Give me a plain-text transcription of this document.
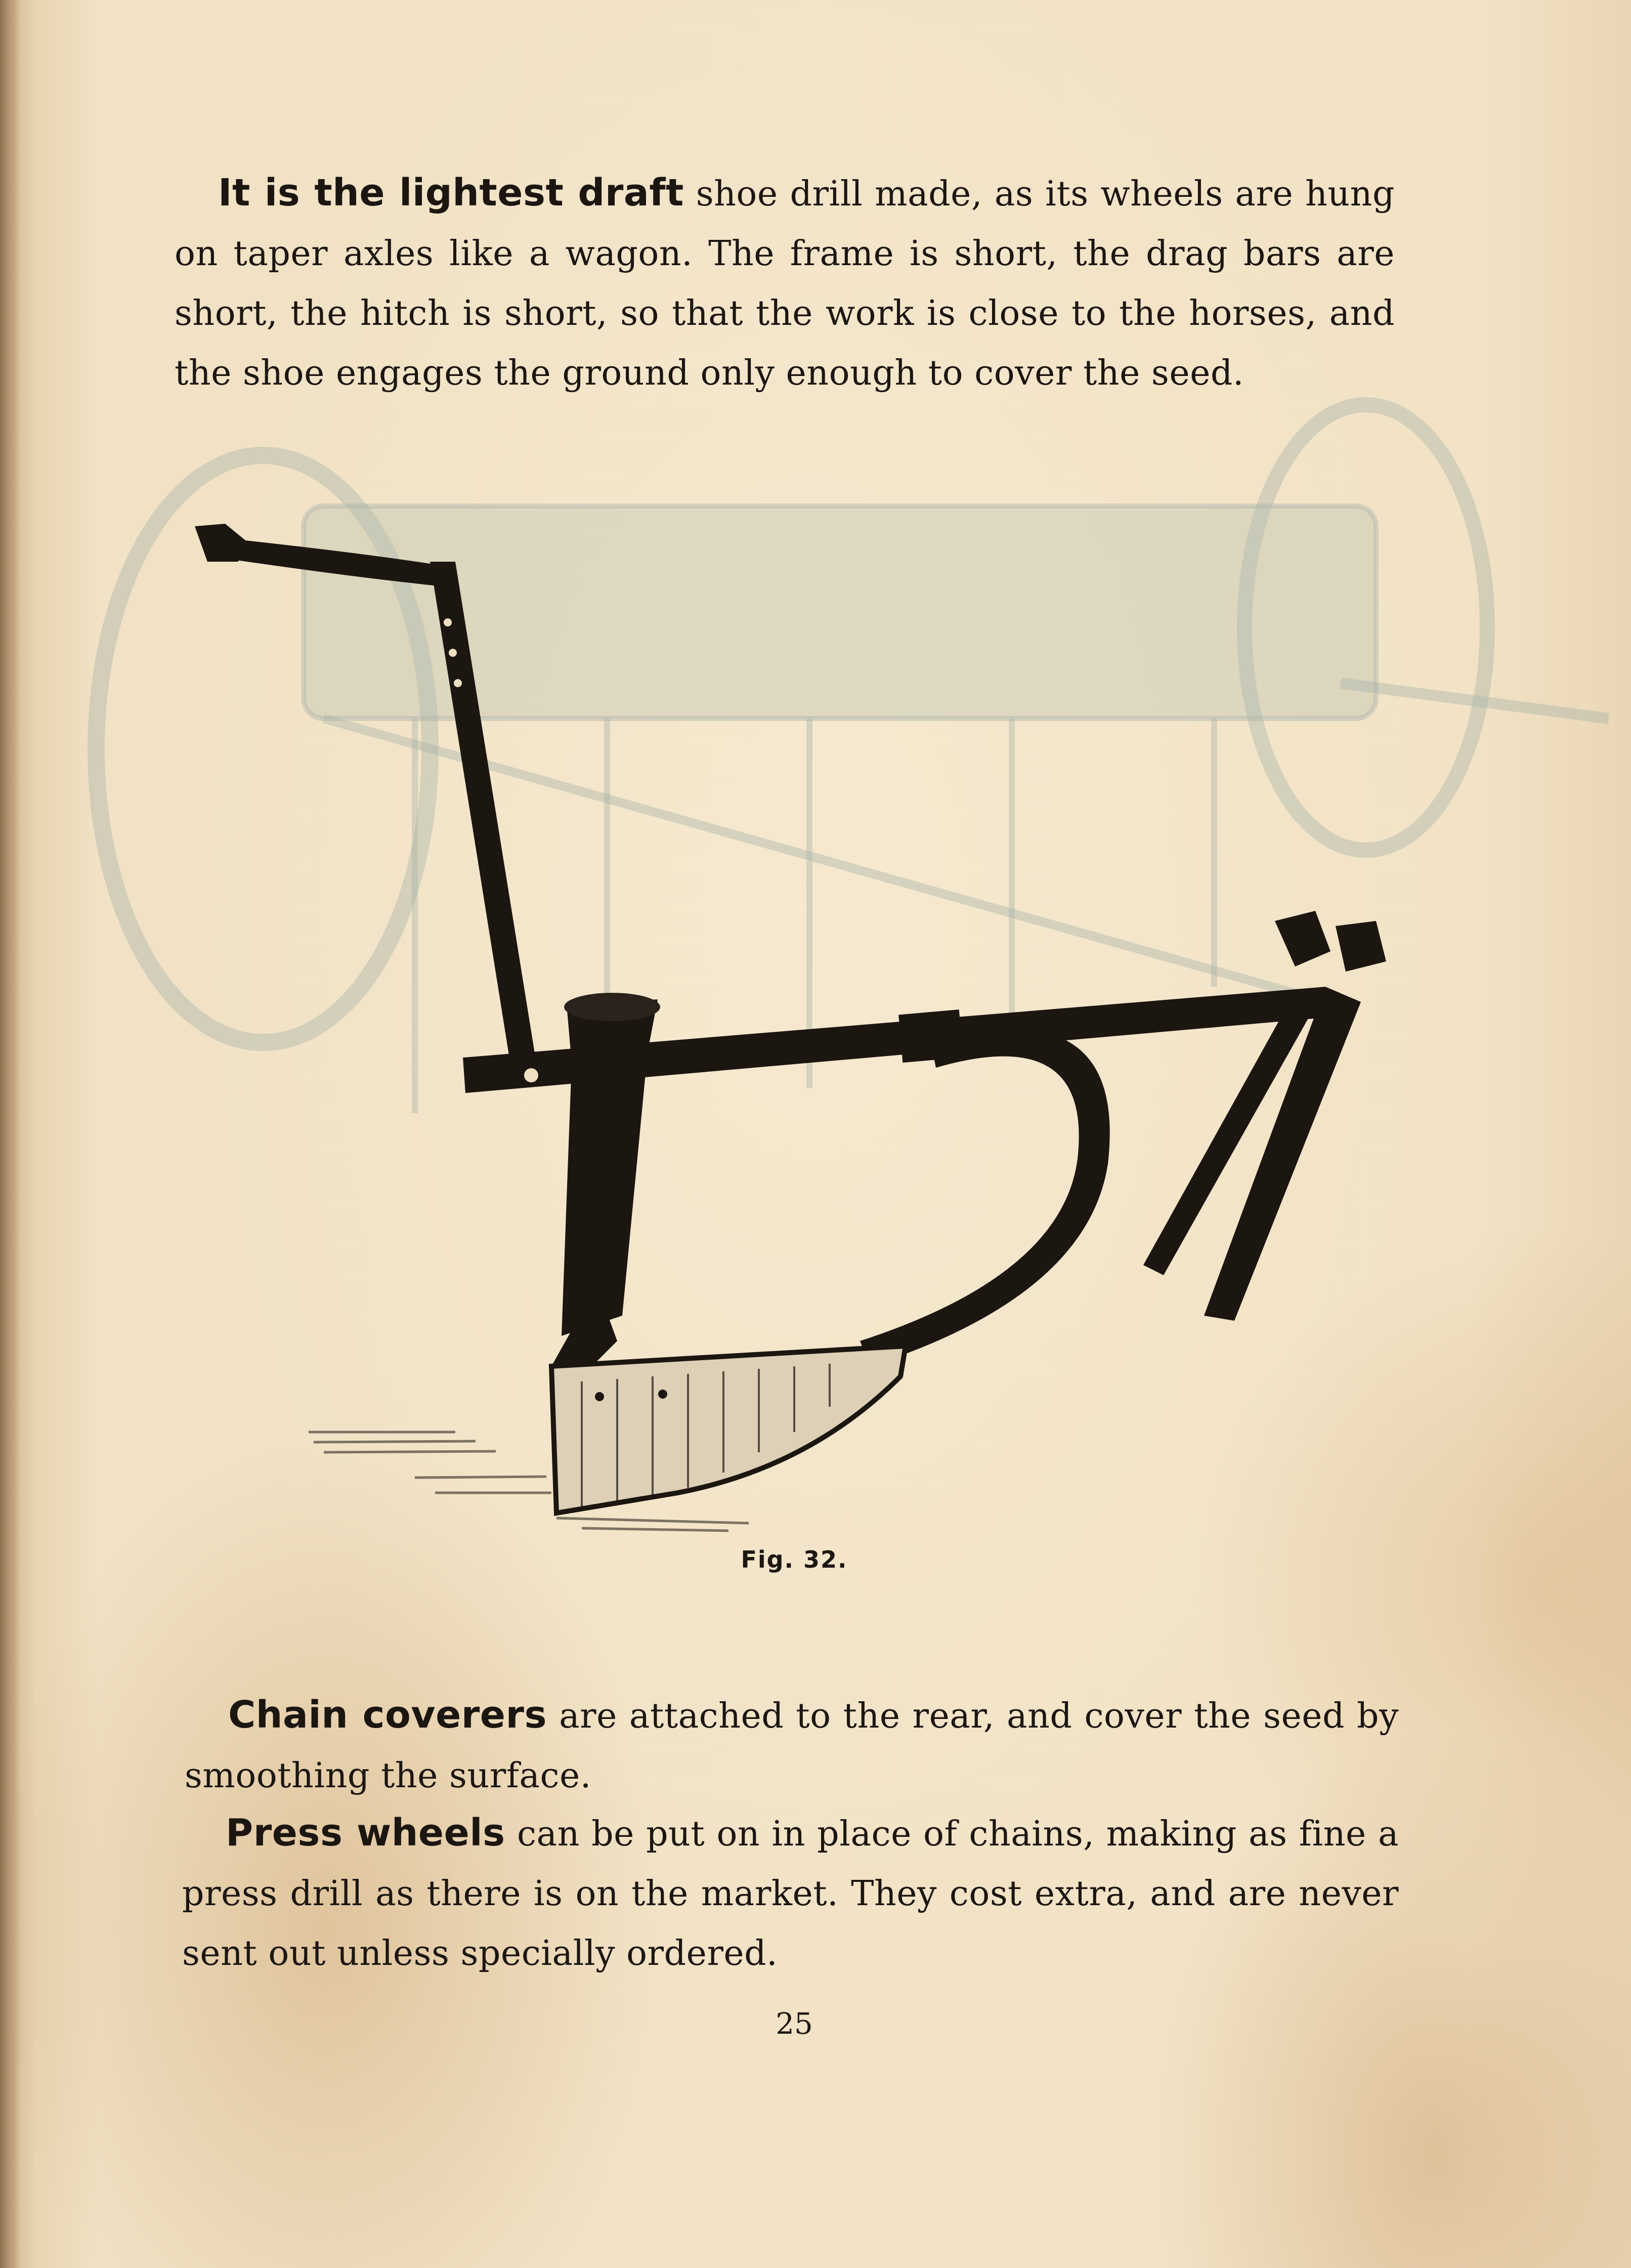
It is the lightest draft shoe drill made, as its wheels are hung on taper axles like a wagon. The frame is short, the drag bars are short, the hitch is short, so that the work is close to the horses, and the shoe engages the ground only enough to cover the seed.

Fig. 32.

Chain coverers are attached to the rear, and cover the seed by smoothing the surface.

Press wheels can be put on in place of chains, making as fine a press drill as there is on the market. They cost extra, and are never sent out unless specially ordered.

25
